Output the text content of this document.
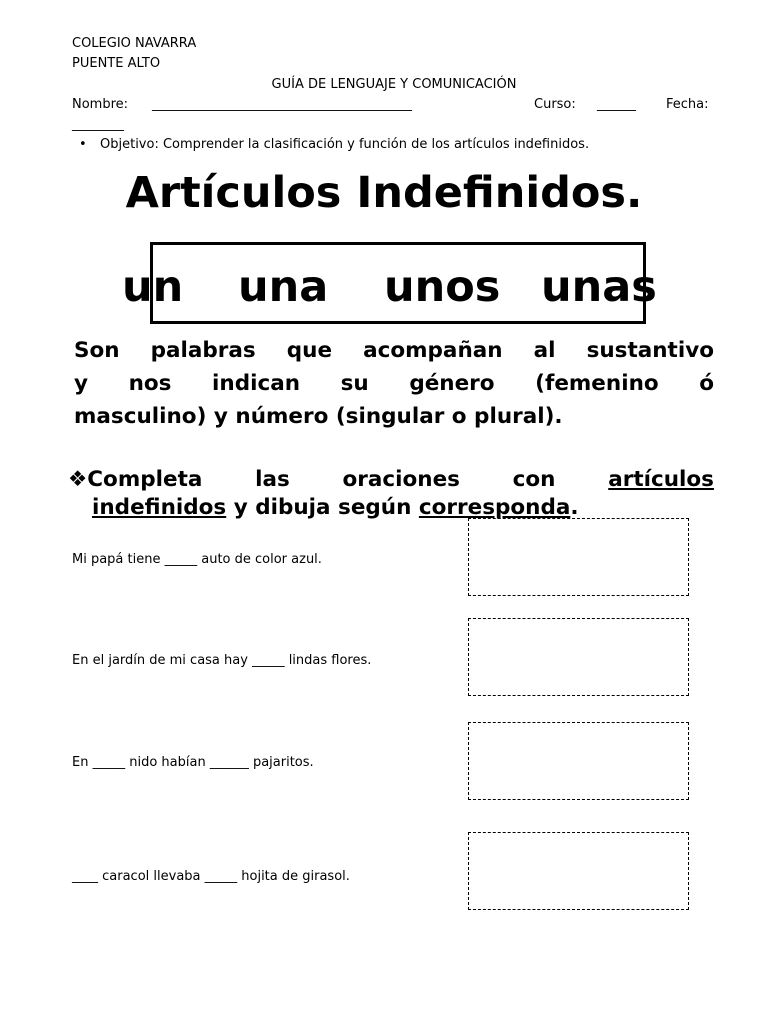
COLEGIO NAVARRA
PUENTE ALTO
GUÍA DE LENGUAJE Y COMUNICACIÓN
Nombre: ________________________________________	Curso: ______ Fecha:
________
• Objetivo: Comprender la clasificación y función de los artículos indefinidos.
Artículos Indefinidos.
un una unos unas
Son palabras que acompañan al sustantivo
y nos indican su género (femenino ó
masculino) y número (singular o plural).
❖Completa las oraciones con artículos
indefinidos y dibuja según corresponda.
Mi papá tiene _____ auto de color azul.
En el jardín de mi casa hay _____ lindas flores.
En _____ nido habían ______ pajaritos.
____ caracol llevaba _____ hojita de girasol.
